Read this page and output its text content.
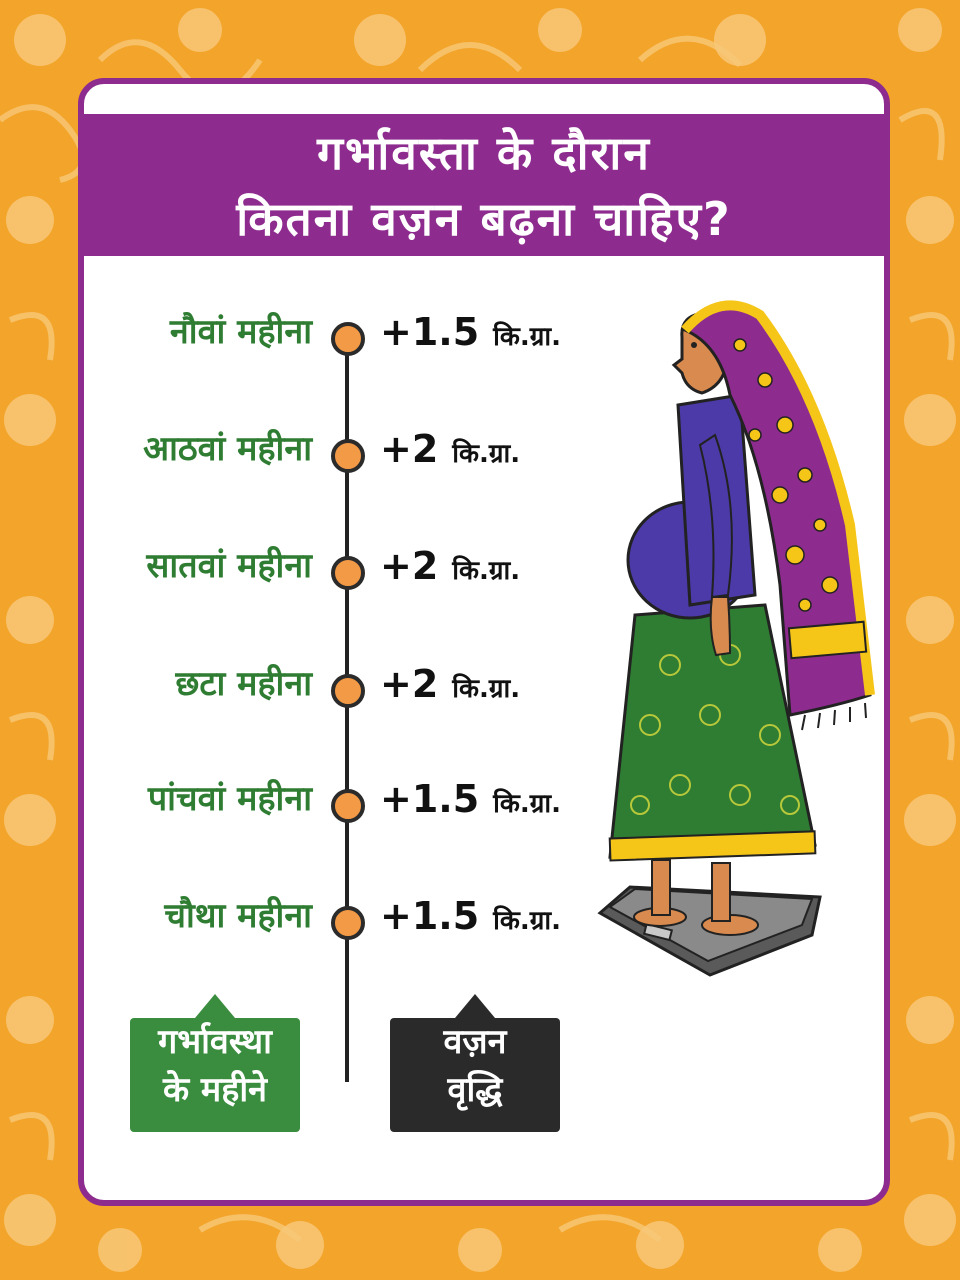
गर्भावस्ता के दौरान
कितना वज़न बढ़ना चाहिए?
नौवां महीना +1.5 कि.ग्रा.
आठवां महीना +2 कि.ग्रा.
सातवां महीना +2 कि.ग्रा.
छटा महीना +2 कि.ग्रा.
पांचवां महीना +1.5 कि.ग्रा.
चौथा महीना +1.5 कि.ग्रा.
गर्भावस्था
के महीने
वज़न
वृद्धि
